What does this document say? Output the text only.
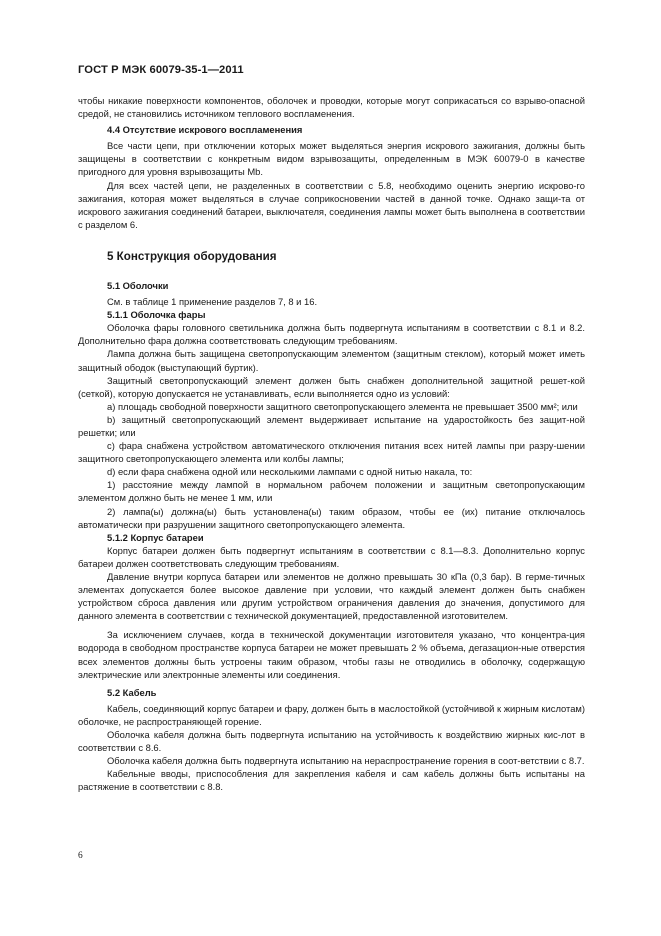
ГОСТ Р МЭК 60079-35-1—2011

чтобы никакие поверхности компонентов, оболочек и проводки, которые могут соприкасаться со взрыво-опасной средой, не становились источником теплового воспламенения.

4.4 Отсутствие искрового воспламенения

Все части цепи, при отключении которых может выделяться энергия искрового зажигания, должны быть защищены в соответствии с конкретным видом взрывозащиты, определенным в МЭК 60079-0 в качестве пригодного для уровня взрывозащиты Mb.

Для всех частей цепи, не разделенных в соответствии с 5.8, необходимо оценить энергию искрово-го зажигания, которая может выделяться в случае соприкосновении частей в данной точке. Однако защи-та от искрового зажигания соединений батареи, выключателя, соединения лампы может быть выполнена в соответствии с разделом 6.

5 Конструкция оборудования
5.1 Оболочки

См. в таблице 1 применение разделов 7, 8 и 16.

5.1.1 Оболочка фары

Оболочка фары головного светильника должна быть подвергнута испытаниям в соответствии с 8.1 и 8.2. Дополнительно фара должна соответствовать следующим требованиям.

Лампа должна быть защищена светопропускающим элементом (защитным стеклом), который может иметь защитный ободок (выступающий буртик).

Защитный светопропускающий элемент должен быть снабжен дополнительной защитной решет-кой (сеткой), которую допускается не устанавливать, если выполняется одно из условий:

a) площадь свободной поверхности защитного светопропускающего элемента не превышает 3500 мм²; или

b) защитный светопропускающий элемент выдерживает испытание на ударостойкость без защит-ной решетки; или

c) фара снабжена устройством автоматического отключения питания всех нитей лампы при разру-шении защитного светопропускающего элемента или колбы лампы;

d) если фара снабжена одной или несколькими лампами с одной нитью накала, то:

1) расстояние между лампой в нормальном рабочем положении и защитным светопропускающим элементом должно быть не менее 1 мм, или

2) лампа(ы) должна(ы) быть установлена(ы) таким образом, чтобы ее (их) питание отключалось автоматически при разрушении защитного светопропускающего элемента.

5.1.2 Корпус батареи

Корпус батареи должен быть подвергнут испытаниям в соответствии с 8.1—8.3. Дополнительно корпус батареи должен соответствовать следующим требованиям.

Давление внутри корпуса батареи или элементов не должно превышать 30 кПа (0,3 бар). В герме-тичных элементах допускается более высокое давление при условии, что каждый элемент должен быть снабжен устройством сброса давления или другим устройством ограничения давления до значения, допустимого для данного элемента в соответствии с технической документацией, предоставленной изготовителем.

За исключением случаев, когда в технической документации изготовителя указано, что концентра-ция водорода в свободном пространстве корпуса батареи не может превышать 2 % объема, дегазацион-ные отверстия всех элементов должны быть устроены таким образом, чтобы газы не отводились в оболочку, содержащую электрические или электронные элементы или соединения.

5.2 Кабель

Кабель, соединяющий корпус батареи и фару, должен быть в маслостойкой (устойчивой к жирным кислотам) оболочке, не распространяющей горение.

Оболочка кабеля должна быть подвергнута испытанию на устойчивость к воздействию жирных кис-лот в соответствии с 8.6.

Оболочка кабеля должна быть подвергнута испытанию на нераспространение горения в соот-ветствии с 8.7.

Кабельные вводы, приспособления для закрепления кабеля и сам кабель должны быть испытаны на растяжение в соответствии с 8.8.

6
